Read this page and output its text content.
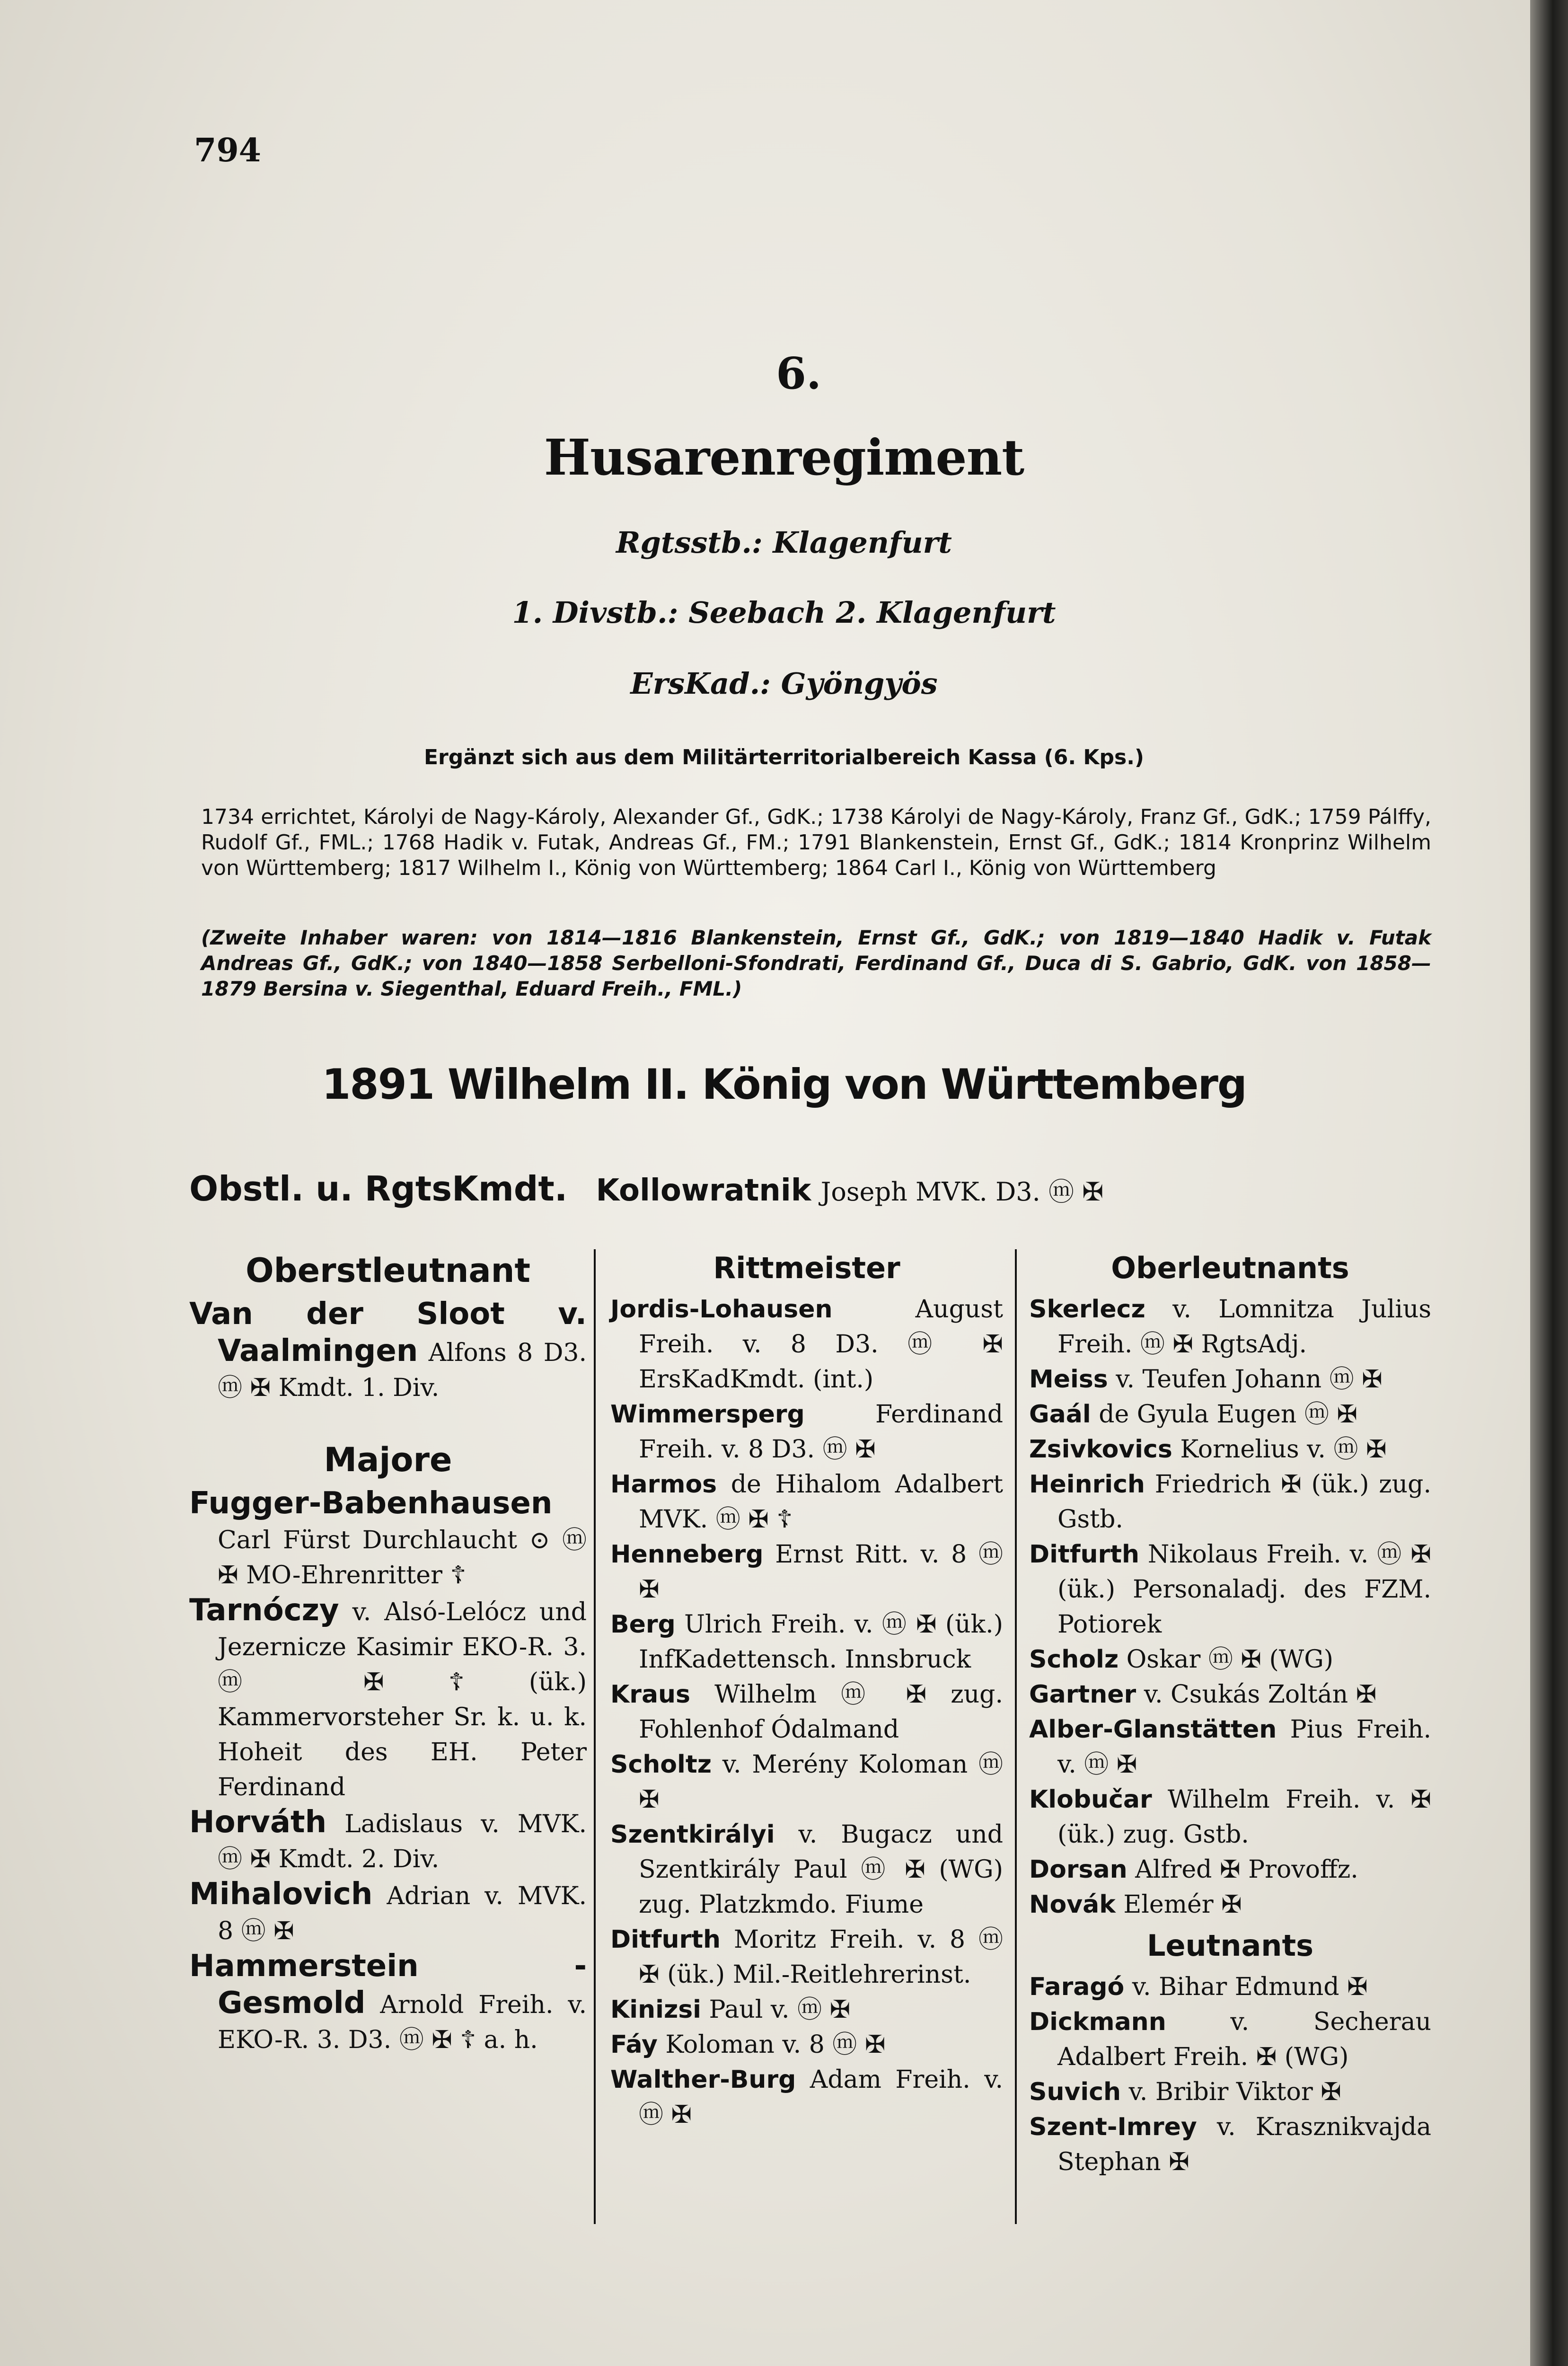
794
6.
Husarenregiment
Rgtsstb.: Klagenfurt
1. Divstb.: Seebach 2. Klagenfurt
ErsKad.: Gyöngyös
Ergänzt sich aus dem Militärterritorialbereich Kassa (6. Kps.)
1734 errichtet, Károlyi de Nagy-Károly, Alexander Gf., GdK.; 1738 Károlyi de Nagy-Károly, Franz Gf., GdK.; 1759 Pálffy, Rudolf Gf., FML.; 1768 Hadik v. Futak, Andreas Gf., FM.; 1791 Blankenstein, Ernst Gf., GdK.; 1814 Kronprinz Wilhelm von Württemberg; 1817 Wilhelm I., König von Württemberg; 1864 Carl I., König von Württemberg
(Zweite Inhaber waren: von 1814—1816 Blankenstein, Ernst Gf., GdK.; von 1819—1840 Hadik v. Futak Andreas Gf., GdK.; von 1840—1858 Serbelloni-Sfondrati, Ferdinand Gf., Duca di S. Gabrio, GdK. von 1858—1879 Bersina v. Siegenthal, Eduard Freih., FML.)
1891 Wilhelm II. König von Württemberg
Obstl. u. RgtsKmdt. Kollowratnik Joseph MVK. D3. ⓜ ✠
Oberstleutnant

Van der Sloot v. Vaalmingen Alfons 8 D3. ⓜ ✠ Kmdt. 1. Div.

Majore

Fugger-Babenhausen Carl Fürst Durchlaucht ⊙ ⓜ ✠ MO-Ehrenritter ☦

Tarnóczy v. Alsó-Lelócz und Jezernicze Kasimir EKO-R. 3. ⓜ ✠ ☦ (ük.) Kammervorsteher Sr. k. u. k. Hoheit des EH. Peter Ferdinand

Horváth Ladislaus v. MVK. ⓜ ✠ Kmdt. 2. Div.

Mihalovich Adrian v. MVK. 8 ⓜ ✠

Hammerstein - Gesmold Arnold Freih. v. EKO-R. 3. D3. ⓜ ✠ ☦ a. h.

Rittmeister

Jordis-Lohausen	August Freih. v. 8 D3. ⓜ ✠ ErsKadKmdt. (int.)

Wimmersperg	Ferdinand Freih. v. 8 D3. ⓜ ✠

Harmos de Hihalom Adalbert MVK. ⓜ ✠ ☦

Henneberg Ernst Ritt. v. 8 ⓜ ✠

Berg Ulrich Freih. v. ⓜ ✠ (ük.) InfKadettensch. Innsbruck

Kraus Wilhelm ⓜ ✠ zug. Fohlenhof Ódalmand

Scholtz v. Merény Koloman ⓜ ✠

Szentkirályi v. Bugacz und Szentkirály Paul ⓜ ✠ (WG) zug. Platzkmdo. Fiume

Ditfurth Moritz Freih. v. 8 ⓜ ✠ (ük.) Mil.-Reitlehrerinst.

Kinizsi Paul v. ⓜ ✠

Fáy Koloman v. 8 ⓜ ✠

Walther-Burg Adam Freih. v. ⓜ ✠

Oberleutnants

Skerlecz v. Lomnitza Julius Freih. ⓜ ✠ RgtsAdj.

Meiss v. Teufen Johann ⓜ ✠

Gaál de Gyula Eugen ⓜ ✠

Zsivkovics Kornelius v. ⓜ ✠

Heinrich Friedrich ✠ (ük.) zug. Gstb.

Ditfurth Nikolaus Freih. v. ⓜ ✠ (ük.) Personaladj. des FZM. Potiorek

Scholz Oskar ⓜ ✠ (WG)

Gartner v. Csukás Zoltán ✠

Alber-Glanstätten Pius Freih. v. ⓜ ✠

Klobučar Wilhelm Freih. v. ✠ (ük.) zug. Gstb.

Dorsan Alfred ✠ Provoffz.

Novák Elemér ✠

Leutnants

Faragó v. Bihar Edmund ✠

Dickmann	v. Secherau Adalbert Freih. ✠ (WG)

Suvich v. Bribir Viktor ✠

Szent-Imrey v. Krasznikvajda Stephan ✠
